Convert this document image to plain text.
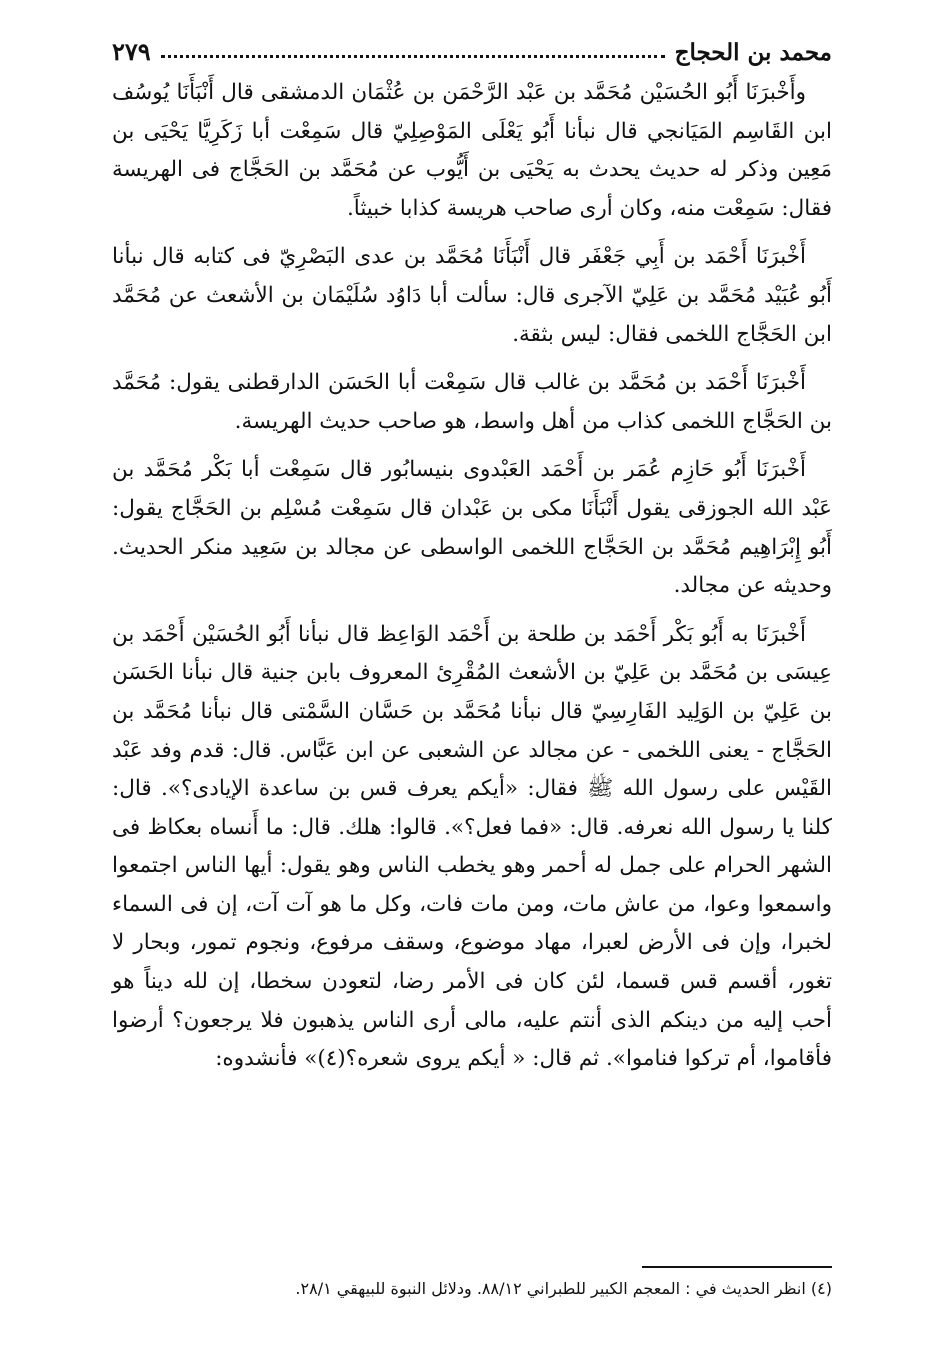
محمد بن الحجاج
٢٧٩

وأَخْبرَنَا أَبُو الحُسَيْن مُحَمَّد بن عَبْد الرَّحْمَن بن عُثْمَان الدمشقى قال أَنْبَأَنَا يُوسُف ابن القَاسِم المَيَانجي قال نبأنا أَبُو يَعْلَى المَوْصِلِيّ قال سَمِعْت أبا زَكَرِيَّا يَحْيَى بن مَعِين وذكر له حديث يحدث به يَحْيَى بن أَيُّوب عن مُحَمَّد بن الحَجَّاج فى الهريسة فقال: سَمِعْت منه، وكان أرى صاحب هريسة كذابا خبيثاً.

أَخْبرَنَا أَحْمَد بن أَبِي جَعْفَر قال أَنْبَأَنَا مُحَمَّد بن عدى البَصْرِيّ فى كتابه قال نبأنا أَبُو عُبَيْد مُحَمَّد بن عَلِيّ الآجرى قال: سألت أبا دَاوُد سُلَيْمَان بن الأشعث عن مُحَمَّد ابن الحَجَّاج اللخمى فقال: ليس بثقة.

أَخْبرَنَا أَحْمَد بن مُحَمَّد بن غالب قال سَمِعْت أبا الحَسَن الدارقطنى يقول: مُحَمَّد بن الحَجَّاج اللخمى كذاب من أهل واسط، هو صاحب حديث الهريسة.

أَخْبرَنَا أَبُو حَازِم عُمَر بن أَحْمَد العَبْدوى بنيسابُور قال سَمِعْت أبا بَكْر مُحَمَّد بن عَبْد الله الجوزقى يقول أَنْبَأَنَا مكى بن عَبْدان قال سَمِعْت مُسْلِم بن الحَجَّاج يقول: أَبُو إِبْرَاهِيم مُحَمَّد بن الحَجَّاج اللخمى الواسطى عن مجالد بن سَعِيد منكر الحديث. وحديثه عن مجالد.

أَخْبرَنَا به أَبُو بَكْر أَحْمَد بن طلحة بن أَحْمَد الوَاعِظ قال نبأنا أَبُو الحُسَيْن أَحْمَد بن عِيسَى بن مُحَمَّد بن عَلِيّ بن الأشعث المُقْرِئ المعروف بابن جنية قال نبأنا الحَسَن بن عَلِيّ بن الوَلِيد الفَارِسِيّ قال نبأنا مُحَمَّد بن حَسَّان السَّمْتى قال نبأنا مُحَمَّد بن الحَجَّاج - يعنى اللخمى - عن مجالد عن الشعبى عن ابن عَبَّاس. قال: قدم وفد عَبْد القَيْس على رسول الله ﷺ فقال: «أيكم يعرف قس بن ساعدة الإيادى؟». قال: كلنا يا رسول الله نعرفه. قال: «فما فعل؟». قالوا: هلك. قال: ما أَنساه بعكاظ فى الشهر الحرام على جمل له أحمر وهو يخطب الناس وهو يقول: أيها الناس اجتمعوا واسمعوا وعوا، من عاش مات، ومن مات فات، وكل ما هو آت آت، إن فى السماء لخبرا، وإن فى الأرض لعبرا، مهاد موضوع، وسقف مرفوع، ونجوم تمور، وبحار لا تغور، أقسم قس قسما، لئن كان فى الأمر رضا، لتعودن سخطا، إن لله ديناً هو أحب إليه من دينكم الذى أنتم عليه، مالى أرى الناس يذهبون فلا يرجعون؟ أرضوا فأقاموا، أم تركوا فناموا». ثم قال: « أيكم يروى شعره؟(٤)» فأنشدوه:

(٤) انظر الحديث في : المعجم الكبير للطبراني ٨٨/١٢. ودلائل النبوة للبيهقي ٢٨/١.
